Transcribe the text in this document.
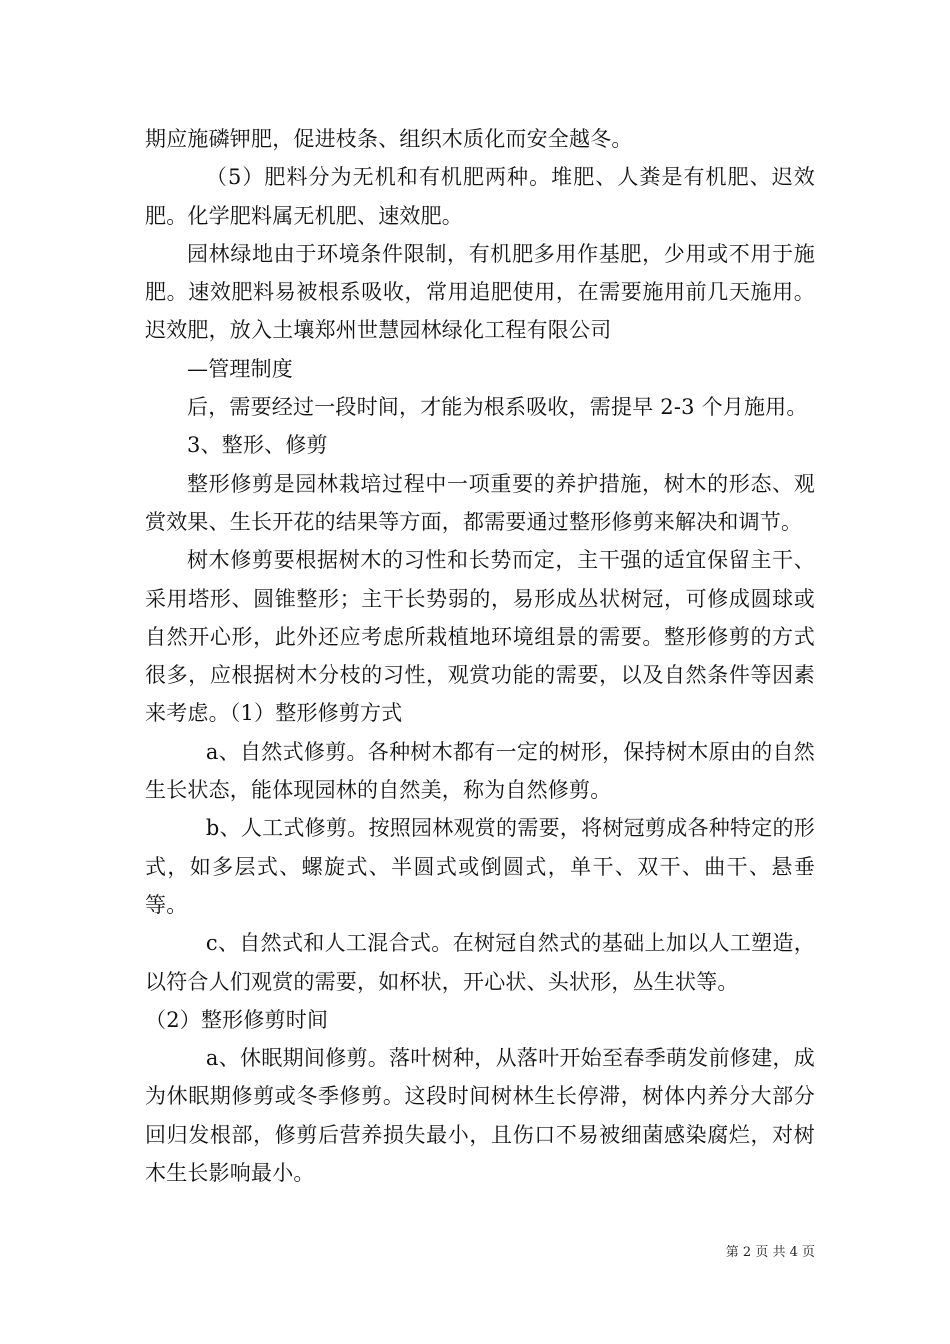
期应施磷钾肥，促进枝条、组织木质化而安全越冬。

（5）肥料分为无机和有机肥两种。堆肥、人粪是有机肥、迟效肥。化学肥料属无机肥、速效肥。

园林绿地由于环境条件限制，有机肥多用作基肥，少用或不用于施肥。速效肥料易被根系吸收，常用追肥使用，在需要施用前几天施用。迟效肥，放入土壤郑州世慧园林绿化工程有限公司

—管理制度

后，需要经过一段时间，才能为根系吸收，需提早 2-3 个月施用。

3、整形、修剪

整形修剪是园林栽培过程中一项重要的养护措施，树木的形态、观赏效果、生长开花的结果等方面，都需要通过整形修剪来解决和调节。

树木修剪要根据树木的习性和长势而定，主干强的适宜保留主干、采用塔形、圆锥整形；主干长势弱的，易形成丛状树冠，可修成圆球或自然开心形，此外还应考虑所栽植地环境组景的需要。整形修剪的方式很多，应根据树木分枝的习性，观赏功能的需要，以及自然条件等因素来考虑。（1）整形修剪方式

a、自然式修剪。各种树木都有一定的树形，保持树木原由的自然生长状态，能体现园林的自然美，称为自然修剪。

b、人工式修剪。按照园林观赏的需要，将树冠剪成各种特定的形式，如多层式、螺旋式、半圆式或倒圆式，单干、双干、曲干、悬垂等。

c、自然式和人工混合式。在树冠自然式的基础上加以人工塑造，以符合人们观赏的需要，如杯状，开心状、头状形，丛生状等。

（2）整形修剪时间

a、休眠期间修剪。落叶树种，从落叶开始至春季萌发前修建，成为休眠期修剪或冬季修剪。这段时间树林生长停滞，树体内养分大部分回归发根部，修剪后营养损失最小，且伤口不易被细菌感染腐烂，对树木生长影响最小。

第 2 页 共 4 页
